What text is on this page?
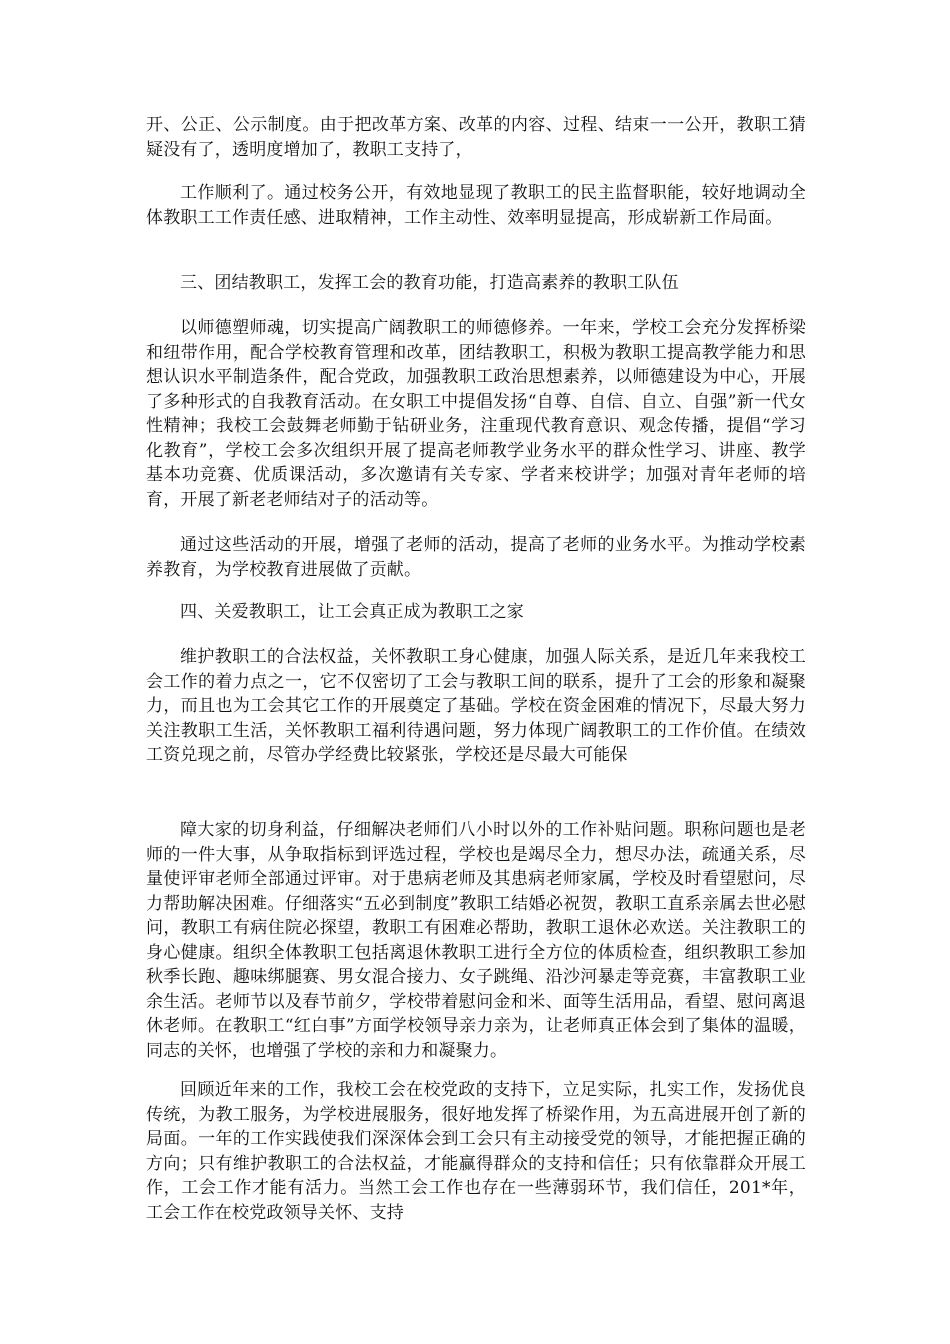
开、公正、公示制度。由于把改革方案、改革的内容、过程、结束一一公开，教职工猜疑没有了，透明度增加了，教职工支持了，

工作顺利了。通过校务公开，有效地显现了教职工的民主监督职能，较好地调动全体教职工工作责任感、进取精神，工作主动性、效率明显提高，形成崭新工作局面。

三、团结教职工，发挥工会的教育功能，打造高素养的教职工队伍

以师德塑师魂，切实提高广阔教职工的师德修养。一年来，学校工会充分发挥桥梁和纽带作用，配合学校教育管理和改革，团结教职工，积极为教职工提高教学能力和思想认识水平制造条件，配合党政，加强教职工政治思想素养，以师德建设为中心，开展了多种形式的自我教育活动。在女职工中提倡发扬“自尊、自信、自立、自强”新一代女性精神；我校工会鼓舞老师勤于钻研业务，注重现代教育意识、观念传播，提倡“学习化教育”，学校工会多次组织开展了提高老师教学业务水平的群众性学习、讲座、教学基本功竞赛、优质课活动，多次邀请有关专家、学者来校讲学；加强对青年老师的培育，开展了新老老师结对子的活动等。

通过这些活动的开展，增强了老师的活动，提高了老师的业务水平。为推动学校素养教育，为学校教育进展做了贡献。

四、关爱教职工，让工会真正成为教职工之家

维护教职工的合法权益，关怀教职工身心健康，加强人际关系，是近几年来我校工会工作的着力点之一，它不仅密切了工会与教职工间的联系，提升了工会的形象和凝聚力，而且也为工会其它工作的开展奠定了基础。学校在资金困难的情况下，尽最大努力关注教职工生活，关怀教职工福利待遇问题，努力体现广阔教职工的工作价值。在绩效工资兑现之前，尽管办学经费比较紧张，学校还是尽最大可能保

障大家的切身利益，仔细解决老师们八小时以外的工作补贴问题。职称问题也是老师的一件大事，从争取指标到评选过程，学校也是竭尽全力，想尽办法，疏通关系，尽量使评审老师全部通过评审。对于患病老师及其患病老师家属，学校及时看望慰问，尽力帮助解决困难。仔细落实“五必到制度”教职工结婚必祝贺，教职工直系亲属去世必慰问，教职工有病住院必探望，教职工有困难必帮助，教职工退休必欢送。关注教职工的身心健康。组织全体教职工包括离退休教职工进行全方位的体质检查，组织教职工参加秋季长跑、趣味绑腿赛、男女混合接力、女子跳绳、沿沙河暴走等竞赛，丰富教职工业余生活。老师节以及春节前夕，学校带着慰问金和米、面等生活用品，看望、慰问离退休老师。在教职工“红白事”方面学校领导亲力亲为，让老师真正体会到了集体的温暖，同志的关怀，也增强了学校的亲和力和凝聚力。

回顾近年来的工作，我校工会在校党政的支持下，立足实际，扎实工作，发扬优良传统，为教工服务，为学校进展服务，很好地发挥了桥梁作用，为五高进展开创了新的局面。一年的工作实践使我们深深体会到工会只有主动接受党的领导，才能把握正确的方向；只有维护教职工的合法权益，才能赢得群众的支持和信任；只有依靠群众开展工作，工会工作才能有活力。当然工会工作也存在一些薄弱环节，我们信任，201*年，工会工作在校党政领导关怀、支持
